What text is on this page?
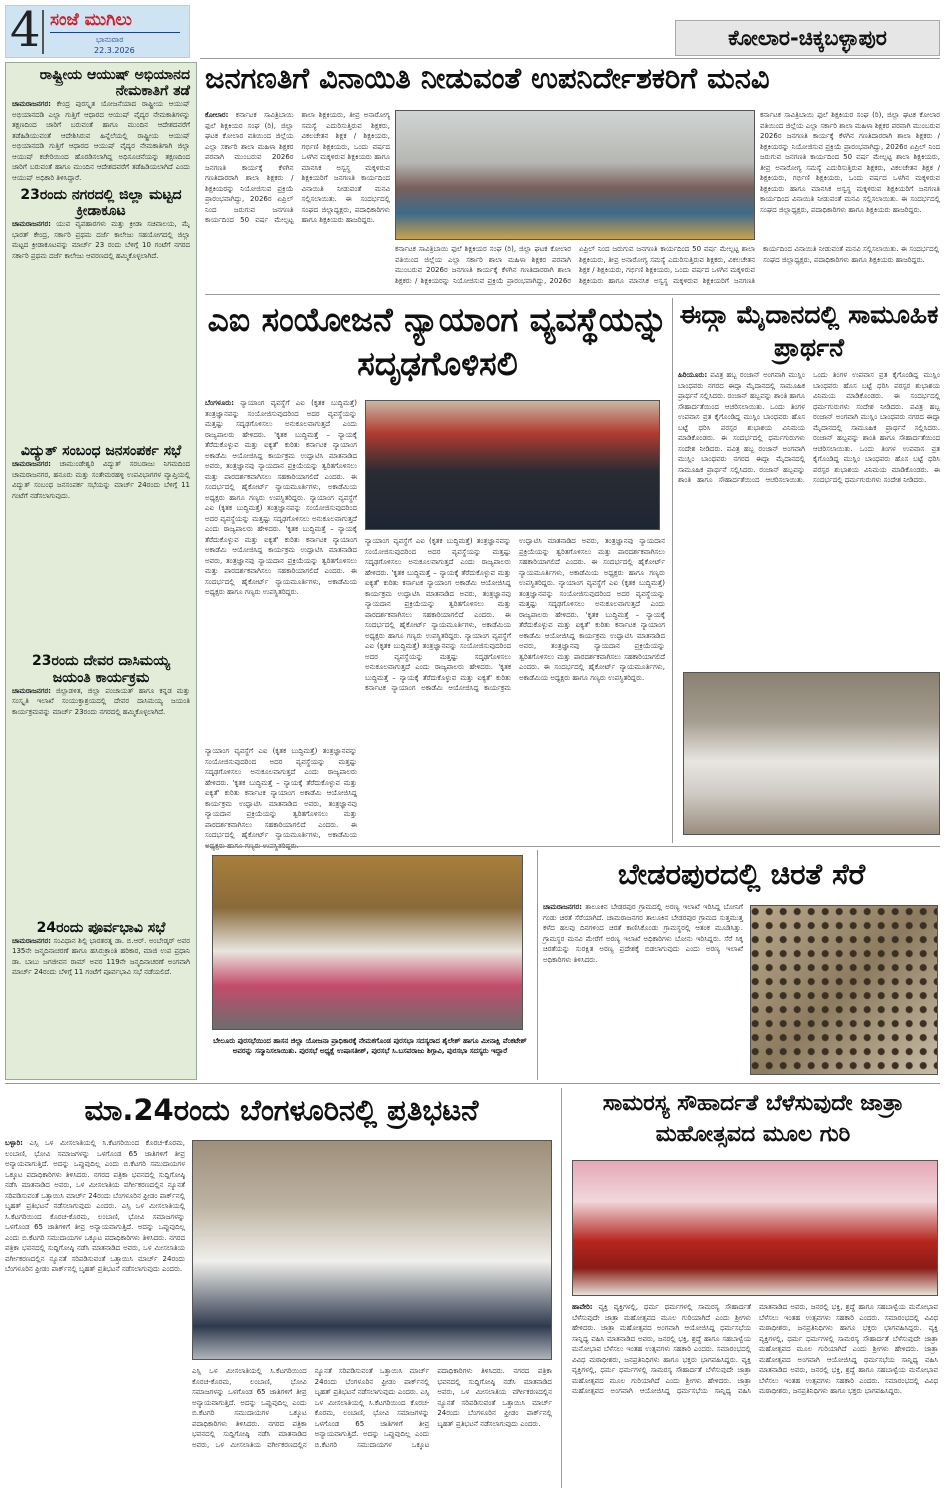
4 ಸಂಜೆ ಮುಗಿಲು
ಭಾನುವಾರ
22.3.2026
ಕೋಲಾರ-ಚಿಕ್ಕಬಳ್ಳಾಪುರ
ರಾಷ್ಟ್ರೀಯ ಆಯುಷ್ ಅಭಿಯಾನದ ನೇಮಕಾತಿಗೆ ತಡೆ
ಚಾಮರಾಜನಗರ: ಕೇಂದ್ರ ಪುರಸ್ಕೃತ ಯೋಜನೆಯಾದ ರಾಷ್ಟ್ರೀಯ ಆಯುಷ್ ಅಭಿಯಾನದಡಿ ಎಲ್ಲಾ ಗುತ್ತಿಗೆ ಆಧಾರದ ಆಯುಷ್ ವೈದ್ಯರ ನೇಮಕಾತಿಗಳನ್ನು ತಕ್ಷಣದಿಂದ ಜಾರಿಗೆ ಬರುವಂತೆ ಹಾಗೂ ಮುಂದಿನ ಆದೇಶದವರೆಗೆ ತಡೆಹಿಡಿಯುವಂತೆ ಆದೇಶಿಸಿರುವ ಹಿನ್ನೆಲೆಯಲ್ಲಿ ರಾಷ್ಟ್ರೀಯ ಆಯುಷ್ ಅಭಿಯಾನದಡಿ ಗುತ್ತಿಗೆ ಆಧಾರದ ಆಯುಷ್ ವೈದ್ಯರ ನೇಮಕಾತಿಗಾಗಿ ಜಿಲ್ಲಾ ಆಯುಷ್ ಕಚೇರಿಯಿಂದ ಹೊರಡಿಸಲಾಗಿದ್ದ ಅಧಿಸೂಚನೆಯನ್ನು ತಕ್ಷಣದಿಂದ ಜಾರಿಗೆ ಬರುವಂತೆ ಹಾಗೂ ಮುಂದಿನ ಆದೇಶದವರೆಗೆ ತಡೆಹಿಡಿಯಲಾಗಿದೆ ಎಂದು ಆಯುಷ್ ಅಧಿಕಾರಿ ತಿಳಿಸಿದ್ದಾರೆ.
23ರಂದು ನಗರದಲ್ಲಿ ಜಿಲ್ಲಾ ಮಟ್ಟದ ಕ್ರೀಡಾಕೂಟ
ಚಾಮರಾಜನಗರ: ಯುವ ವ್ಯವಹಾರಗಳು ಮತ್ತು ಕ್ರೀಡಾ ಸಚಿವಾಲಯ, ಮೈ ಭಾರತ್ ಕೇಂದ್ರ, ಸರ್ಕಾರಿ ಪ್ರಥಮ ದರ್ಜೆ ಕಾಲೇಜು ಸಹಯೋಗದಲ್ಲಿ ಜಿಲ್ಲಾ ಮಟ್ಟದ ಕ್ರೀಡಾಕೂಟವನ್ನು ಮಾರ್ಚ್ 23 ರಂದು ಬೆಳಿಗ್ಗೆ 10 ಗಂಟೆಗೆ ನಗರದ ಸರ್ಕಾರಿ ಪ್ರಥಮ ದರ್ಜೆ ಕಾಲೇಜು ಆವರಣದಲ್ಲಿ ಹಮ್ಮಿಕೊಳ್ಳಲಾಗಿದೆ.
ವಿದ್ಯುತ್ ಸಂಬಂಧ ಜನಸಂಪರ್ಕ ಸಭೆ
ಚಾಮರಾಜನಗರ: ಚಾಮುಂಡೇಶ್ವರಿ ವಿದ್ಯುತ್ ಸರಬರಾಜು ನಿಗಮದಿಂದ ಚಾಮರಾಜನಗರ, ಹನೂರು ಮತ್ತು ಸಂತೇಮರಹಳ್ಳಿ ಉಪವಿಭಾಗಗಳ ವ್ಯಾಪ್ತಿಯಲ್ಲಿ ವಿದ್ಯುತ್ ಸಂಬಂಧ ಜನಸಂಪರ್ಕ ಸಭೆಯನ್ನು ಮಾರ್ಚ್ 24ರಂದು ಬೆಳಿಗ್ಗೆ 11 ಗಂಟೆಗೆ ನಡೆಸಲಾಗುವುದು.
23ರಂದು ದೇವರ ದಾಸಿಮಯ್ಯ ಜಯಂತಿ ಕಾರ್ಯಕ್ರಮ
ಚಾಮರಾಜನಗರ: ಜಿಲ್ಲಾಡಳಿತ, ಜಿಲ್ಲಾ ಪಂಚಾಯತ್ ಹಾಗೂ ಕನ್ನಡ ಮತ್ತು ಸಂಸ್ಕೃತಿ ಇಲಾಖೆ ಸಂಯುಕ್ತಾಶ್ರಯದಲ್ಲಿ ದೇವರ ದಾಸಿಮಯ್ಯ ಜಯಂತಿ ಕಾರ್ಯಕ್ರಮವನ್ನು ಮಾರ್ಚ್ 23ರಂದು ನಗರದಲ್ಲಿ ಹಮ್ಮಿಕೊಳ್ಳಲಾಗಿದೆ.
24ರಂದು ಪೂರ್ವಭಾವಿ ಸಭೆ
ಚಾಮರಾಜನಗರ: ಸಂವಿಧಾನ ಶಿಲ್ಪಿ ಭಾರತರತ್ನ ಡಾ. ಬಿ.ಆರ್. ಅಂಬೇಡ್ಕರ್ ಅವರ 135ನೇ ಜನ್ಮದಿನಾಚರಣೆ ಹಾಗೂ ಹಸಿರುಕ್ರಾಂತಿ ಹರಿಕಾರ, ಮಾಜಿ ಉಪ ಪ್ರಧಾನಿ ಡಾ. ಬಾಬು ಜಗಜೀವನ ರಾಮ್ ಅವರ 119ನೇ ಜನ್ಮದಿನಾಚರಣೆ ಅಂಗವಾಗಿ ಮಾರ್ಚ್ 24ರಂದು ಬೆಳಿಗ್ಗೆ 11 ಗಂಟೆಗೆ ಪೂರ್ವಭಾವಿ ಸಭೆ ನಡೆಯಲಿದೆ.
ಜನಗಣತಿಗೆ ವಿನಾಯಿತಿ ನೀಡುವಂತೆ ಉಪನಿರ್ದೇಶಕರಿಗೆ ಮನವಿ
ಕೋಲಾರ: ಕರ್ನಾಟಕ ಸಾವಿತ್ರಿಬಾಯಿ ಫುಲೆ ಶಿಕ್ಷಕಿಯರ ಸಂಘ (ರಿ), ಜಿಲ್ಲಾ ಘಟಕ ಕೋಲಾರ ವತಿಯಿಂದ ಜಿಲ್ಲೆಯ ಎಲ್ಲಾ ಸರ್ಕಾರಿ ಶಾಲಾ ಮಹಿಳಾ ಶಿಕ್ಷಕರ ಪರವಾಗಿ ಮುಂಬರುವ 2026ರ ಜನಗಣತಿ ಕಾರ್ಯಕ್ಕೆ ಕೆಳಗಿನ ಗಣತಿದಾರರಾಗಿ ಶಾಲಾ ಶಿಕ್ಷಕರು / ಶಿಕ್ಷಕಿಯರನ್ನು ನಿಯೋಜಿಸುವ ಪ್ರಕ್ರಿಯೆ ಪ್ರಾರಂಭವಾಗಿದ್ದು, 2026ರ ಏಪ್ರಿಲ್ ನಿಂದ ಜರುಗುವ ಜನಗಣತಿ ಕಾರ್ಯದಿಂದ 50 ವರ್ಷ ಮೇಲ್ಪಟ್ಟ ಶಾಲಾ ಶಿಕ್ಷಕಿಯರು, ತೀವ್ರ ಅನಾರೋಗ್ಯ ಸಮಸ್ಯೆ ಎದುರಿಸುತ್ತಿರುವ ಶಿಕ್ಷಕರು, ವಿಕಲಚೇತನ ಶಿಕ್ಷಕ / ಶಿಕ್ಷಕಿಯರು, ಗರ್ಭಿಣಿ ಶಿಕ್ಷಕಿಯರು, ಒಂದು ವರ್ಷದ ಒಳಗಿನ ಮಕ್ಕಳಿರುವ ಶಿಕ್ಷಕಿಯರು ಹಾಗೂ ಮಾನಸಿಕ ಅಸ್ವಸ್ಥ ಮಕ್ಕಳಿರುವ ಶಿಕ್ಷಕಿಯರಿಗೆ ಜನಗಣತಿ ಕಾರ್ಯದಿಂದ ವಿನಾಯಿತಿ ನೀಡುವಂತೆ ಮನವಿ ಸಲ್ಲಿಸಲಾಯಿತು. ಈ ಸಂದರ್ಭದಲ್ಲಿ ಸಂಘದ ಜಿಲ್ಲಾಧ್ಯಕ್ಷರು, ಪದಾಧಿಕಾರಿಗಳು ಹಾಗೂ ಶಿಕ್ಷಕಿಯರು ಹಾಜರಿದ್ದರು.
ಕರ್ನಾಟಕ ಸಾವಿತ್ರಿಬಾಯಿ ಫುಲೆ ಶಿಕ್ಷಕಿಯರ ಸಂಘ (ರಿ), ಜಿಲ್ಲಾ ಘಟಕ ಕೋಲಾರ ವತಿಯಿಂದ ಜಿಲ್ಲೆಯ ಎಲ್ಲಾ ಸರ್ಕಾರಿ ಶಾಲಾ ಮಹಿಳಾ ಶಿಕ್ಷಕರ ಪರವಾಗಿ ಮುಂಬರುವ 2026ರ ಜನಗಣತಿ ಕಾರ್ಯಕ್ಕೆ ಕೆಳಗಿನ ಗಣತಿದಾರರಾಗಿ ಶಾಲಾ ಶಿಕ್ಷಕರು / ಶಿಕ್ಷಕಿಯರನ್ನು ನಿಯೋಜಿಸುವ ಪ್ರಕ್ರಿಯೆ ಪ್ರಾರಂಭವಾಗಿದ್ದು, 2026ರ ಏಪ್ರಿಲ್ ನಿಂದ ಜರುಗುವ ಜನಗಣತಿ ಕಾರ್ಯದಿಂದ 50 ವರ್ಷ ಮೇಲ್ಪಟ್ಟ ಶಾಲಾ ಶಿಕ್ಷಕಿಯರು, ತೀವ್ರ ಅನಾರೋಗ್ಯ ಸಮಸ್ಯೆ ಎದುರಿಸುತ್ತಿರುವ ಶಿಕ್ಷಕರು, ವಿಕಲಚೇತನ ಶಿಕ್ಷಕ / ಶಿಕ್ಷಕಿಯರು, ಗರ್ಭಿಣಿ ಶಿಕ್ಷಕಿಯರು, ಒಂದು ವರ್ಷದ ಒಳಗಿನ ಮಕ್ಕಳಿರುವ ಶಿಕ್ಷಕಿಯರು ಹಾಗೂ ಮಾನಸಿಕ ಅಸ್ವಸ್ಥ ಮಕ್ಕಳಿರುವ ಶಿಕ್ಷಕಿಯರಿಗೆ ಜನಗಣತಿ ಕಾರ್ಯದಿಂದ ವಿನಾಯಿತಿ ನೀಡುವಂತೆ ಮನವಿ ಸಲ್ಲಿಸಲಾಯಿತು. ಈ ಸಂದರ್ಭದಲ್ಲಿ ಸಂಘದ ಜಿಲ್ಲಾಧ್ಯಕ್ಷರು, ಪದಾಧಿಕಾರಿಗಳು ಹಾಗೂ ಶಿಕ್ಷಕಿಯರು ಹಾಜರಿದ್ದರು.
ಕರ್ನಾಟಕ ಸಾವಿತ್ರಿಬಾಯಿ ಫುಲೆ ಶಿಕ್ಷಕಿಯರ ಸಂಘ (ರಿ), ಜಿಲ್ಲಾ ಘಟಕ ಕೋಲಾರ ವತಿಯಿಂದ ಜಿಲ್ಲೆಯ ಎಲ್ಲಾ ಸರ್ಕಾರಿ ಶಾಲಾ ಮಹಿಳಾ ಶಿಕ್ಷಕರ ಪರವಾಗಿ ಮುಂಬರುವ 2026ರ ಜನಗಣತಿ ಕಾರ್ಯಕ್ಕೆ ಕೆಳಗಿನ ಗಣತಿದಾರರಾಗಿ ಶಾಲಾ ಶಿಕ್ಷಕರು / ಶಿಕ್ಷಕಿಯರನ್ನು ನಿಯೋಜಿಸುವ ಪ್ರಕ್ರಿಯೆ ಪ್ರಾರಂಭವಾಗಿದ್ದು, 2026ರ ಏಪ್ರಿಲ್ ನಿಂದ ಜರುಗುವ ಜನಗಣತಿ ಕಾರ್ಯದಿಂದ 50 ವರ್ಷ ಮೇಲ್ಪಟ್ಟ ಶಾಲಾ ಶಿಕ್ಷಕಿಯರು, ತೀವ್ರ ಅನಾರೋಗ್ಯ ಸಮಸ್ಯೆ ಎದುರಿಸುತ್ತಿರುವ ಶಿಕ್ಷಕರು, ವಿಕಲಚೇತನ ಶಿಕ್ಷಕ / ಶಿಕ್ಷಕಿಯರು, ಗರ್ಭಿಣಿ ಶಿಕ್ಷಕಿಯರು, ಒಂದು ವರ್ಷದ ಒಳಗಿನ ಮಕ್ಕಳಿರುವ ಶಿಕ್ಷಕಿಯರು ಹಾಗೂ ಮಾನಸಿಕ ಅಸ್ವಸ್ಥ ಮಕ್ಕಳಿರುವ ಶಿಕ್ಷಕಿಯರಿಗೆ ಜನಗಣತಿ ಕಾರ್ಯದಿಂದ ವಿನಾಯಿತಿ ನೀಡುವಂತೆ ಮನವಿ ಸಲ್ಲಿಸಲಾಯಿತು. ಈ ಸಂದರ್ಭದಲ್ಲಿ ಸಂಘದ ಜಿಲ್ಲಾಧ್ಯಕ್ಷರು, ಪದಾಧಿಕಾರಿಗಳು ಹಾಗೂ ಶಿಕ್ಷಕಿಯರು ಹಾಜರಿದ್ದರು.
ಎಐ ಸಂಯೋಜನೆ ನ್ಯಾಯಾಂಗ ವ್ಯವಸ್ಥೆಯನ್ನು ಸದೃಢಗೊಳಿಸಲಿ
ಬೆಂಗಳೂರು: ನ್ಯಾಯಾಂಗ ವ್ಯವಸ್ಥೆಗೆ ಎಐ (ಕೃತಕ ಬುದ್ಧಿಮತ್ತೆ) ತಂತ್ರಜ್ಞಾನವನ್ನು ಸಂಯೋಜಿಸುವುದರಿಂದ ಅದರ ವ್ಯವಸ್ಥೆಯನ್ನು ಮತ್ತಷ್ಟು ಸದೃಢಗೊಳಿಸಲು ಅನುಕೂಲವಾಗುತ್ತದೆ ಎಂದು ರಾಜ್ಯಪಾಲರು ಹೇಳಿದರು. 'ಕೃತಕ ಬುದ್ಧಿಮತ್ತೆ – ನ್ಯಾಯಕ್ಕೆ ತೆರೆದುಕೊಳ್ಳುವ ಮತ್ತು ಐಕ್ಯತೆ' ಕುರಿತು ಕರ್ನಾಟಕ ನ್ಯಾಯಾಂಗ ಅಕಾಡೆಮಿ ಆಯೋಜಿಸಿದ್ದ ಕಾರ್ಯಕ್ರಮ ಉದ್ಘಾಟಿಸಿ ಮಾತನಾಡಿದ ಅವರು, ತಂತ್ರಜ್ಞಾನವು ನ್ಯಾಯದಾನ ಪ್ರಕ್ರಿಯೆಯನ್ನು ತ್ವರಿತಗೊಳಿಸಲು ಮತ್ತು ಪಾರದರ್ಶಕವಾಗಿಸಲು ಸಹಕಾರಿಯಾಗಲಿದೆ ಎಂದರು. ಈ ಸಂದರ್ಭದಲ್ಲಿ ಹೈಕೋರ್ಟ್ ನ್ಯಾಯಮೂರ್ತಿಗಳು, ಅಕಾಡೆಮಿಯ ಅಧ್ಯಕ್ಷರು ಹಾಗೂ ಗಣ್ಯರು ಉಪಸ್ಥಿತರಿದ್ದರು. ನ್ಯಾಯಾಂಗ ವ್ಯವಸ್ಥೆಗೆ ಎಐ (ಕೃತಕ ಬುದ್ಧಿಮತ್ತೆ) ತಂತ್ರಜ್ಞಾನವನ್ನು ಸಂಯೋಜಿಸುವುದರಿಂದ ಅದರ ವ್ಯವಸ್ಥೆಯನ್ನು ಮತ್ತಷ್ಟು ಸದೃಢಗೊಳಿಸಲು ಅನುಕೂಲವಾಗುತ್ತದೆ ಎಂದು ರಾಜ್ಯಪಾಲರು ಹೇಳಿದರು. 'ಕೃತಕ ಬುದ್ಧಿಮತ್ತೆ – ನ್ಯಾಯಕ್ಕೆ ತೆರೆದುಕೊಳ್ಳುವ ಮತ್ತು ಐಕ್ಯತೆ' ಕುರಿತು ಕರ್ನಾಟಕ ನ್ಯಾಯಾಂಗ ಅಕಾಡೆಮಿ ಆಯೋಜಿಸಿದ್ದ ಕಾರ್ಯಕ್ರಮ ಉದ್ಘಾಟಿಸಿ ಮಾತನಾಡಿದ ಅವರು, ತಂತ್ರಜ್ಞಾನವು ನ್ಯಾಯದಾನ ಪ್ರಕ್ರಿಯೆಯನ್ನು ತ್ವರಿತಗೊಳಿಸಲು ಮತ್ತು ಪಾರದರ್ಶಕವಾಗಿಸಲು ಸಹಕಾರಿಯಾಗಲಿದೆ ಎಂದರು. ಈ ಸಂದರ್ಭದಲ್ಲಿ ಹೈಕೋರ್ಟ್ ನ್ಯಾಯಮೂರ್ತಿಗಳು, ಅಕಾಡೆಮಿಯ ಅಧ್ಯಕ್ಷರು ಹಾಗೂ ಗಣ್ಯರು ಉಪಸ್ಥಿತರಿದ್ದರು.
ನ್ಯಾಯಾಂಗ ವ್ಯವಸ್ಥೆಗೆ ಎಐ (ಕೃತಕ ಬುದ್ಧಿಮತ್ತೆ) ತಂತ್ರಜ್ಞಾನವನ್ನು ಸಂಯೋಜಿಸುವುದರಿಂದ ಅದರ ವ್ಯವಸ್ಥೆಯನ್ನು ಮತ್ತಷ್ಟು ಸದೃಢಗೊಳಿಸಲು ಅನುಕೂಲವಾಗುತ್ತದೆ ಎಂದು ರಾಜ್ಯಪಾಲರು ಹೇಳಿದರು. 'ಕೃತಕ ಬುದ್ಧಿಮತ್ತೆ – ನ್ಯಾಯಕ್ಕೆ ತೆರೆದುಕೊಳ್ಳುವ ಮತ್ತು ಐಕ್ಯತೆ' ಕುರಿತು ಕರ್ನಾಟಕ ನ್ಯಾಯಾಂಗ ಅಕಾಡೆಮಿ ಆಯೋಜಿಸಿದ್ದ ಕಾರ್ಯಕ್ರಮ ಉದ್ಘಾಟಿಸಿ ಮಾತನಾಡಿದ ಅವರು, ತಂತ್ರಜ್ಞಾನವು ನ್ಯಾಯದಾನ ಪ್ರಕ್ರಿಯೆಯನ್ನು ತ್ವರಿತಗೊಳಿಸಲು ಮತ್ತು ಪಾರದರ್ಶಕವಾಗಿಸಲು ಸಹಕಾರಿಯಾಗಲಿದೆ ಎಂದರು. ಈ ಸಂದರ್ಭದಲ್ಲಿ ಹೈಕೋರ್ಟ್ ನ್ಯಾಯಮೂರ್ತಿಗಳು, ಅಕಾಡೆಮಿಯ ಅಧ್ಯಕ್ಷರು ಹಾಗೂ ಗಣ್ಯರು ಉಪಸ್ಥಿತರಿದ್ದರು. ನ್ಯಾಯಾಂಗ ವ್ಯವಸ್ಥೆಗೆ ಎಐ (ಕೃತಕ ಬುದ್ಧಿಮತ್ತೆ) ತಂತ್ರಜ್ಞಾನವನ್ನು ಸಂಯೋಜಿಸುವುದರಿಂದ ಅದರ ವ್ಯವಸ್ಥೆಯನ್ನು ಮತ್ತಷ್ಟು ಸದೃಢಗೊಳಿಸಲು ಅನುಕೂಲವಾಗುತ್ತದೆ ಎಂದು ರಾಜ್ಯಪಾಲರು ಹೇಳಿದರು. 'ಕೃತಕ ಬುದ್ಧಿಮತ್ತೆ – ನ್ಯಾಯಕ್ಕೆ ತೆರೆದುಕೊಳ್ಳುವ ಮತ್ತು ಐಕ್ಯತೆ' ಕುರಿತು ಕರ್ನಾಟಕ ನ್ಯಾಯಾಂಗ ಅಕಾಡೆಮಿ ಆಯೋಜಿಸಿದ್ದ ಕಾರ್ಯಕ್ರಮ ಉದ್ಘಾಟಿಸಿ ಮಾತನಾಡಿದ ಅವರು, ತಂತ್ರಜ್ಞಾನವು ನ್ಯಾಯದಾನ ಪ್ರಕ್ರಿಯೆಯನ್ನು ತ್ವರಿತಗೊಳಿಸಲು ಮತ್ತು ಪಾರದರ್ಶಕವಾಗಿಸಲು ಸಹಕಾರಿಯಾಗಲಿದೆ ಎಂದರು. ಈ ಸಂದರ್ಭದಲ್ಲಿ ಹೈಕೋರ್ಟ್ ನ್ಯಾಯಮೂರ್ತಿಗಳು, ಅಕಾಡೆಮಿಯ ಅಧ್ಯಕ್ಷರು ಹಾಗೂ ಗಣ್ಯರು ಉಪಸ್ಥಿತರಿದ್ದರು. ನ್ಯಾಯಾಂಗ ವ್ಯವಸ್ಥೆಗೆ ಎಐ (ಕೃತಕ ಬುದ್ಧಿಮತ್ತೆ) ತಂತ್ರಜ್ಞಾನವನ್ನು ಸಂಯೋಜಿಸುವುದರಿಂದ ಅದರ ವ್ಯವಸ್ಥೆಯನ್ನು ಮತ್ತಷ್ಟು ಸದೃಢಗೊಳಿಸಲು ಅನುಕೂಲವಾಗುತ್ತದೆ ಎಂದು ರಾಜ್ಯಪಾಲರು ಹೇಳಿದರು. 'ಕೃತಕ ಬುದ್ಧಿಮತ್ತೆ – ನ್ಯಾಯಕ್ಕೆ ತೆರೆದುಕೊಳ್ಳುವ ಮತ್ತು ಐಕ್ಯತೆ' ಕುರಿತು ಕರ್ನಾಟಕ ನ್ಯಾಯಾಂಗ ಅಕಾಡೆಮಿ ಆಯೋಜಿಸಿದ್ದ ಕಾರ್ಯಕ್ರಮ ಉದ್ಘಾಟಿಸಿ ಮಾತನಾಡಿದ ಅವರು, ತಂತ್ರಜ್ಞಾನವು ನ್ಯಾಯದಾನ ಪ್ರಕ್ರಿಯೆಯನ್ನು ತ್ವರಿತಗೊಳಿಸಲು ಮತ್ತು ಪಾರದರ್ಶಕವಾಗಿಸಲು ಸಹಕಾರಿಯಾಗಲಿದೆ ಎಂದರು. ಈ ಸಂದರ್ಭದಲ್ಲಿ ಹೈಕೋರ್ಟ್ ನ್ಯಾಯಮೂರ್ತಿಗಳು, ಅಕಾಡೆಮಿಯ ಅಧ್ಯಕ್ಷರು ಹಾಗೂ ಗಣ್ಯರು ಉಪಸ್ಥಿತರಿದ್ದರು.
ನ್ಯಾಯಾಂಗ ವ್ಯವಸ್ಥೆಗೆ ಎಐ (ಕೃತಕ ಬುದ್ಧಿಮತ್ತೆ) ತಂತ್ರಜ್ಞಾನವನ್ನು ಸಂಯೋಜಿಸುವುದರಿಂದ ಅದರ ವ್ಯವಸ್ಥೆಯನ್ನು ಮತ್ತಷ್ಟು ಸದೃಢಗೊಳಿಸಲು ಅನುಕೂಲವಾಗುತ್ತದೆ ಎಂದು ರಾಜ್ಯಪಾಲರು ಹೇಳಿದರು. 'ಕೃತಕ ಬುದ್ಧಿಮತ್ತೆ – ನ್ಯಾಯಕ್ಕೆ ತೆರೆದುಕೊಳ್ಳುವ ಮತ್ತು ಐಕ್ಯತೆ' ಕುರಿತು ಕರ್ನಾಟಕ ನ್ಯಾಯಾಂಗ ಅಕಾಡೆಮಿ ಆಯೋಜಿಸಿದ್ದ ಕಾರ್ಯಕ್ರಮ ಉದ್ಘಾಟಿಸಿ ಮಾತನಾಡಿದ ಅವರು, ತಂತ್ರಜ್ಞಾನವು ನ್ಯಾಯದಾನ ಪ್ರಕ್ರಿಯೆಯನ್ನು ತ್ವರಿತಗೊಳಿಸಲು ಮತ್ತು ಪಾರದರ್ಶಕವಾಗಿಸಲು ಸಹಕಾರಿಯಾಗಲಿದೆ ಎಂದರು. ಈ ಸಂದರ್ಭದಲ್ಲಿ ಹೈಕೋರ್ಟ್ ನ್ಯಾಯಮೂರ್ತಿಗಳು, ಅಕಾಡೆಮಿಯ
ಈದ್ಗಾ ಮೈದಾನದಲ್ಲಿ ಸಾಮೂಹಿಕ ಪ್ರಾರ್ಥನೆ
ಹಿರಿಯೂರು: ಪವಿತ್ರ ಹಬ್ಬ ರಂಜಾನ್ ಅಂಗವಾಗಿ ಮುಸ್ಲಿಂ ಬಾಂಧವರು ನಗರದ ಈದ್ಗಾ ಮೈದಾನದಲ್ಲಿ ಸಾಮೂಹಿಕ ಪ್ರಾರ್ಥನೆ ಸಲ್ಲಿಸಿದರು. ರಂಜಾನ್ ಹಬ್ಬವನ್ನು ಶಾಂತಿ ಹಾಗೂ ಸೌಹಾರ್ದತೆಯಿಂದ ಆಚರಿಸಲಾಯಿತು. ಒಂದು ತಿಂಗಳ ಉಪವಾಸ ವ್ರತ ಕೈಗೊಂಡಿದ್ದ ಮುಸ್ಲಿಂ ಬಾಂಧವರು ಹೊಸ ಬಟ್ಟೆ ಧರಿಸಿ ಪರಸ್ಪರ ಶುಭಾಶಯ ವಿನಿಮಯ ಮಾಡಿಕೊಂಡರು. ಈ ಸಂದರ್ಭದಲ್ಲಿ ಧರ್ಮಗುರುಗಳು ಸಂದೇಶ ನೀಡಿದರು. ಪವಿತ್ರ ಹಬ್ಬ ರಂಜಾನ್ ಅಂಗವಾಗಿ ಮುಸ್ಲಿಂ ಬಾಂಧವರು ನಗರದ ಈದ್ಗಾ ಮೈದಾನದಲ್ಲಿ ಸಾಮೂಹಿಕ ಪ್ರಾರ್ಥನೆ ಸಲ್ಲಿಸಿದರು. ರಂಜಾನ್ ಹಬ್ಬವನ್ನು ಶಾಂತಿ ಹಾಗೂ ಸೌಹಾರ್ದತೆಯಿಂದ ಆಚರಿಸಲಾಯಿತು. ಒಂದು ತಿಂಗಳ ಉಪವಾಸ ವ್ರತ ಕೈಗೊಂಡಿದ್ದ ಮುಸ್ಲಿಂ ಬಾಂಧವರು ಹೊಸ ಬಟ್ಟೆ ಧರಿಸಿ ಪರಸ್ಪರ ಶುಭಾಶಯ ವಿನಿಮಯ ಮಾಡಿಕೊಂಡರು. ಈ ಸಂದರ್ಭದಲ್ಲಿ ಧರ್ಮಗುರುಗಳು ಸಂದೇಶ ನೀಡಿದರು. ಪವಿತ್ರ ಹಬ್ಬ ರಂಜಾನ್ ಅಂಗವಾಗಿ ಮುಸ್ಲಿಂ ಬಾಂಧವರು ನಗರದ ಈದ್ಗಾ ಮೈದಾನದಲ್ಲಿ ಸಾಮೂಹಿಕ ಪ್ರಾರ್ಥನೆ ಸಲ್ಲಿಸಿದರು. ರಂಜಾನ್ ಹಬ್ಬವನ್ನು ಶಾಂತಿ ಹಾಗೂ ಸೌಹಾರ್ದತೆಯಿಂದ ಆಚರಿಸಲಾಯಿತು. ಒಂದು ತಿಂಗಳ ಉಪವಾಸ ವ್ರತ ಕೈಗೊಂಡಿದ್ದ ಮುಸ್ಲಿಂ ಬಾಂಧವರು ಹೊಸ ಬಟ್ಟೆ ಧರಿಸಿ ಪರಸ್ಪರ ಶುಭಾಶಯ ವಿನಿಮಯ ಮಾಡಿಕೊಂಡರು. ಈ ಸಂದರ್ಭದಲ್ಲಿ ಧರ್ಮಗುರುಗಳು ಸಂದೇಶ ನೀಡಿದರು.
ಬೇಲೂರು ಪುರಸಭೆಯಿಂದ ಹಾಸನ ಜಿಲ್ಲಾ ಯೋಜನಾ ಪ್ರಾಧಿಕಾರಕ್ಕೆ ನೇಮಕಗೊಂಡ ಪುರಸಭಾ ಸದಸ್ಯರಾದ ಶೈಲೇಶ್ ಹಾಗೂ ಮೀನಾಕ್ಷಿ ವೆಂಕಟೇಶ್ ಅವರನ್ನು ಸನ್ಮಾನಿಸಲಾಯಿತು. ಪುರಸಭೆ ಅಧ್ಯಕ್ಷೆ ಉಷಾಸತೀಶ್, ಪುರಸಭೆ ಸಿ.ಬಸವರಾಜು ಶಿಗ್ಗಾವಿ, ಪುರಸಭಾ ಸದಸ್ಯರು ಇದ್ದಾರೆ
ಬೇಡರಪುರದಲ್ಲಿ ಚಿರತೆ ಸೆರೆ
ಚಾಮರಾಜನಗರ: ತಾಲೂಕಿನ ಬೇಡರಪುರ ಗ್ರಾಮದಲ್ಲಿ ಅರಣ್ಯ ಇಲಾಖೆ ಇರಿಸಿದ್ದ ಬೋನಿಗೆ ಗಂಡು ಚಿರತೆ ಸೆರೆಯಾಗಿದೆ. ಚಾಮರಾಜನಗರ ತಾಲೂಕಿನ ಬೇಡರಪುರ ಗ್ರಾಮದ ಸುತ್ತಮುತ್ತ ಕಳೆದ ಹಲವು ದಿನಗಳಿಂದ ಚಿರತೆ ಕಾಣಿಸಿಕೊಂಡು ಗ್ರಾಮಸ್ಥರಲ್ಲಿ ಆತಂಕ ಮೂಡಿಸಿತ್ತು. ಗ್ರಾಮಸ್ಥರ ಮನವಿ ಮೇರೆಗೆ ಅರಣ್ಯ ಇಲಾಖೆ ಅಧಿಕಾರಿಗಳು ಬೋನು ಇರಿಸಿದ್ದರು. ಸೆರೆ ಸಿಕ್ಕ ಚಿರತೆಯನ್ನು ಸುರಕ್ಷಿತ ಅರಣ್ಯ ಪ್ರದೇಶಕ್ಕೆ ಬಿಡಲಾಗುವುದು ಎಂದು ಅರಣ್ಯ ಇಲಾಖೆ ಅಧಿಕಾರಿಗಳು ತಿಳಿಸಿದರು.
ಮಾ.24ರಂದು ಬೆಂಗಳೂರಿನಲ್ಲಿ ಪ್ರತಿಭಟನೆ
ಬಳ್ಳಾರಿ: ಎಸ್ಸಿ ಒಳ ಮೀಸಲಾತಿಯಲ್ಲಿ ಸಿ.ಕೆಟಗರಿಯಿಂದ ಕೊರಚ-ಕೊರಮ, ಲಂಬಾಣಿ, ಭೋವಿ ಸಮಾಜಗಳನ್ನು ಒಳಗೊಂಡ 65 ಜಾತಿಗಳಿಗೆ ತೀವ್ರ ಅನ್ಯಾಯವಾಗುತ್ತಿದೆ. ಅದನ್ನು ಒಪ್ಪುವುದಿಲ್ಲ ಎಂದು ಬಿ.ಕೆಟಗರಿ ಸಮುದಾಯಗಳ ಒಕ್ಕೂಟ ಪದಾಧಿಕಾರಿಗಳು ತಿಳಿಸಿದರು. ನಗರದ ಪತ್ರಿಕಾ ಭವನದಲ್ಲಿ ಸುದ್ದಿಗೋಷ್ಠಿ ನಡೆಸಿ ಮಾತನಾಡಿದ ಅವರು, ಒಳ ಮೀಸಲಾತಿಯ ವರ್ಗೀಕರಣದಲ್ಲಿನ ನ್ಯೂನತೆ ಸರಿಪಡಿಸುವಂತೆ ಒತ್ತಾಯಿಸಿ ಮಾರ್ಚ್ 24ರಂದು ಬೆಂಗಳೂರಿನ ಫ್ರೀಡಂ ಪಾರ್ಕ್‌ನಲ್ಲಿ ಬೃಹತ್ ಪ್ರತಿಭಟನೆ ನಡೆಸಲಾಗುವುದು ಎಂದರು. ಎಸ್ಸಿ ಒಳ ಮೀಸಲಾತಿಯಲ್ಲಿ ಸಿ.ಕೆಟಗರಿಯಿಂದ ಕೊರಚ-ಕೊರಮ, ಲಂಬಾಣಿ, ಭೋವಿ ಸಮಾಜಗಳನ್ನು ಒಳಗೊಂಡ 65 ಜಾತಿಗಳಿಗೆ ತೀವ್ರ ಅನ್ಯಾಯವಾಗುತ್ತಿದೆ. ಅದನ್ನು ಒಪ್ಪುವುದಿಲ್ಲ ಎಂದು ಬಿ.ಕೆಟಗರಿ ಸಮುದಾಯಗಳ ಒಕ್ಕೂಟ ಪದಾಧಿಕಾರಿಗಳು ತಿಳಿಸಿದರು. ನಗರದ ಪತ್ರಿಕಾ ಭವನದಲ್ಲಿ ಸುದ್ದಿಗೋಷ್ಠಿ ನಡೆಸಿ ಮಾತನಾಡಿದ ಅವರು, ಒಳ ಮೀಸಲಾತಿಯ ವರ್ಗೀಕರಣದಲ್ಲಿನ ನ್ಯೂನತೆ ಸರಿಪಡಿಸುವಂತೆ ಒತ್ತಾಯಿಸಿ ಮಾರ್ಚ್ 24ರಂದು ಬೆಂಗಳೂರಿನ ಫ್ರೀಡಂ ಪಾರ್ಕ್‌ನಲ್ಲಿ ಬೃಹತ್ ಪ್ರತಿಭಟನೆ ನಡೆಸಲಾಗುವುದು ಎಂದರು.
ಎಸ್ಸಿ ಒಳ ಮೀಸಲಾತಿಯಲ್ಲಿ ಸಿ.ಕೆಟಗರಿಯಿಂದ ಕೊರಚ-ಕೊರಮ, ಲಂಬಾಣಿ, ಭೋವಿ ಸಮಾಜಗಳನ್ನು ಒಳಗೊಂಡ 65 ಜಾತಿಗಳಿಗೆ ತೀವ್ರ ಅನ್ಯಾಯವಾಗುತ್ತಿದೆ. ಅದನ್ನು ಒಪ್ಪುವುದಿಲ್ಲ ಎಂದು ಬಿ.ಕೆಟಗರಿ ಸಮುದಾಯಗಳ ಒಕ್ಕೂಟ ಪದಾಧಿಕಾರಿಗಳು ತಿಳಿಸಿದರು. ನಗರದ ಪತ್ರಿಕಾ ಭವನದಲ್ಲಿ ಸುದ್ದಿಗೋಷ್ಠಿ ನಡೆಸಿ ಮಾತನಾಡಿದ ಅವರು, ಒಳ ಮೀಸಲಾತಿಯ ವರ್ಗೀಕರಣದಲ್ಲಿನ ನ್ಯೂನತೆ ಸರಿಪಡಿಸುವಂತೆ ಒತ್ತಾಯಿಸಿ ಮಾರ್ಚ್ 24ರಂದು ಬೆಂಗಳೂರಿನ ಫ್ರೀಡಂ ಪಾರ್ಕ್‌ನಲ್ಲಿ ಬೃಹತ್ ಪ್ರತಿಭಟನೆ ನಡೆಸಲಾಗುವುದು ಎಂದರು. ಎಸ್ಸಿ ಒಳ ಮೀಸಲಾತಿಯಲ್ಲಿ ಸಿ.ಕೆಟಗರಿಯಿಂದ ಕೊರಚ-ಕೊರಮ, ಲಂಬಾಣಿ, ಭೋವಿ ಸಮಾಜಗಳನ್ನು ಒಳಗೊಂಡ 65 ಜಾತಿಗಳಿಗೆ ತೀವ್ರ ಅನ್ಯಾಯವಾಗುತ್ತಿದೆ. ಅದನ್ನು ಒಪ್ಪುವುದಿಲ್ಲ ಎಂದು ಬಿ.ಕೆಟಗರಿ ಸಮುದಾಯಗಳ ಒಕ್ಕೂಟ ಪದಾಧಿಕಾರಿಗಳು ತಿಳಿಸಿದರು. ನಗರದ ಪತ್ರಿಕಾ ಭವನದಲ್ಲಿ ಸುದ್ದಿಗೋಷ್ಠಿ ನಡೆಸಿ ಮಾತನಾಡಿದ ಅವರು, ಒಳ ಮೀಸಲಾತಿಯ ವರ್ಗೀಕರಣದಲ್ಲಿನ ನ್ಯೂನತೆ ಸರಿಪಡಿಸುವಂತೆ ಒತ್ತಾಯಿಸಿ ಮಾರ್ಚ್ 24ರಂದು ಬೆಂಗಳೂರಿನ ಫ್ರೀಡಂ ಪಾರ್ಕ್‌ನಲ್ಲಿ ಬೃಹತ್ ಪ್ರತಿಭಟನೆ ನಡೆಸಲಾಗುವುದು ಎಂದರು.
ಸಾಮರಸ್ಯ ಸೌಹಾರ್ದತೆ ಬೆಳೆಸುವುದೇ ಜಾತ್ರಾ ಮಹೋತ್ಸವದ ಮೂಲ ಗುರಿ
ಹಾವೇರಿ: ವ್ಯಕ್ತಿ ವ್ಯಕ್ತಿಗಳಲ್ಲಿ, ಧರ್ಮ ಧರ್ಮಗಳಲ್ಲಿ ಸಾಮರಸ್ಯ ಸೌಹಾರ್ದತೆ ಬೆಳೆಸುವುದೇ ಜಾತ್ರಾ ಮಹೋತ್ಸವದ ಮೂಲ ಗುರಿಯಾಗಿದೆ ಎಂದು ಶ್ರೀಗಳು ಹೇಳಿದರು. ಜಾತ್ರಾ ಮಹೋತ್ಸವದ ಅಂಗವಾಗಿ ಆಯೋಜಿಸಿದ್ದ ಧರ್ಮಸಭೆಯ ಸಾನ್ನಿಧ್ಯ ವಹಿಸಿ ಮಾತನಾಡಿದ ಅವರು, ಜನರಲ್ಲಿ ಭಕ್ತಿ, ಶ್ರದ್ಧೆ ಹಾಗೂ ಸಹಬಾಳ್ವೆಯ ಮನೋಭಾವ ಬೆಳೆಸಲು ಇಂತಹ ಉತ್ಸವಗಳು ಸಹಕಾರಿ ಎಂದರು. ಸಮಾರಂಭದಲ್ಲಿ ವಿವಿಧ ಮಠಾಧೀಶರು, ಜನಪ್ರತಿನಿಧಿಗಳು ಹಾಗೂ ಭಕ್ತರು ಭಾಗವಹಿಸಿದ್ದರು. ವ್ಯಕ್ತಿ ವ್ಯಕ್ತಿಗಳಲ್ಲಿ, ಧರ್ಮ ಧರ್ಮಗಳಲ್ಲಿ ಸಾಮರಸ್ಯ ಸೌಹಾರ್ದತೆ ಬೆಳೆಸುವುದೇ ಜಾತ್ರಾ ಮಹೋತ್ಸವದ ಮೂಲ ಗುರಿಯಾಗಿದೆ ಎಂದು ಶ್ರೀಗಳು ಹೇಳಿದರು. ಜಾತ್ರಾ ಮಹೋತ್ಸವದ ಅಂಗವಾಗಿ ಆಯೋಜಿಸಿದ್ದ ಧರ್ಮಸಭೆಯ ಸಾನ್ನಿಧ್ಯ ವಹಿಸಿ ಮಾತನಾಡಿದ ಅವರು, ಜನರಲ್ಲಿ ಭಕ್ತಿ, ಶ್ರದ್ಧೆ ಹಾಗೂ ಸಹಬಾಳ್ವೆಯ ಮನೋಭಾವ ಬೆಳೆಸಲು ಇಂತಹ ಉತ್ಸವಗಳು ಸಹಕಾರಿ ಎಂದರು. ಸಮಾರಂಭದಲ್ಲಿ ವಿವಿಧ ಮಠಾಧೀಶರು, ಜನಪ್ರತಿನಿಧಿಗಳು ಹಾಗೂ ಭಕ್ತರು ಭಾಗವಹಿಸಿದ್ದರು. ವ್ಯಕ್ತಿ ವ್ಯಕ್ತಿಗಳಲ್ಲಿ, ಧರ್ಮ ಧರ್ಮಗಳಲ್ಲಿ ಸಾಮರಸ್ಯ ಸೌಹಾರ್ದತೆ ಬೆಳೆಸುವುದೇ ಜಾತ್ರಾ ಮಹೋತ್ಸವದ ಮೂಲ ಗುರಿಯಾಗಿದೆ ಎಂದು ಶ್ರೀಗಳು ಹೇಳಿದರು. ಜಾತ್ರಾ ಮಹೋತ್ಸವದ ಅಂಗವಾಗಿ ಆಯೋಜಿಸಿದ್ದ ಧರ್ಮಸಭೆಯ ಸಾನ್ನಿಧ್ಯ ವಹಿಸಿ ಮಾತನಾಡಿದ ಅವರು, ಜನರಲ್ಲಿ ಭಕ್ತಿ, ಶ್ರದ್ಧೆ ಹಾಗೂ ಸಹಬಾಳ್ವೆಯ ಮನೋಭಾವ ಬೆಳೆಸಲು ಇಂತಹ ಉತ್ಸವಗಳು ಸಹಕಾರಿ ಎಂದರು. ಸಮಾರಂಭದಲ್ಲಿ ವಿವಿಧ ಮಠಾಧೀಶರು, ಜನಪ್ರತಿನಿಧಿಗಳು ಹಾಗೂ ಭಕ್ತರು ಭಾಗವಹಿಸಿದ್ದರು.
